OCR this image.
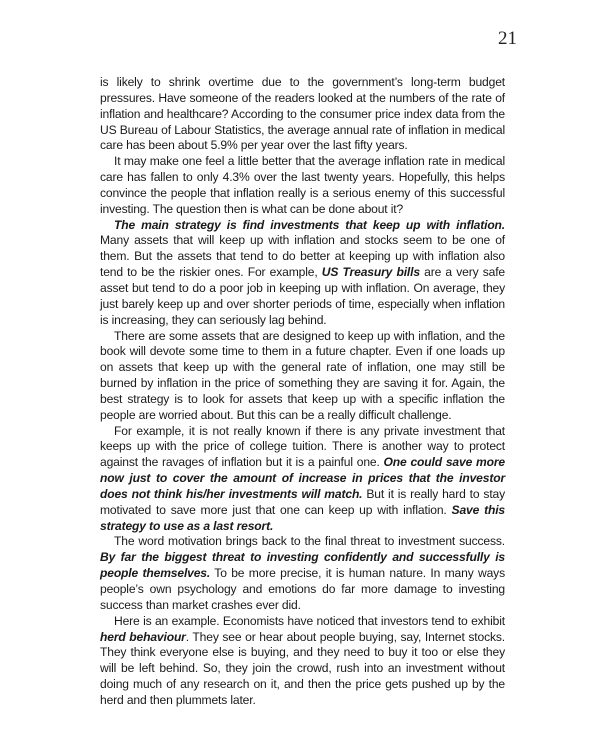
21

is likely to shrink overtime due to the government’s long-term budget pressures. Have someone of the readers looked at the numbers of the rate of inflation and healthcare? According to the consumer price index data from the US Bureau of Labour Statistics, the average annual rate of inflation in medical care has been about 5.9% per year over the last fifty years.

It may make one feel a little better that the average inflation rate in medical care has fallen to only 4.3% over the last twenty years. Hopefully, this helps convince the people that inflation really is a serious enemy of this successful investing. The question then is what can be done about it?

The main strategy is find investments that keep up with inflation. Many assets that will keep up with inflation and stocks seem to be one of them. But the assets that tend to do better at keeping up with inflation also tend to be the riskier ones. For example, US Treasury bills are a very safe asset but tend to do a poor job in keeping up with inflation. On average, they just barely keep up and over shorter periods of time, especially when inflation is increasing, they can seriously lag behind.

There are some assets that are designed to keep up with inflation, and the book will devote some time to them in a future chapter. Even if one loads up on assets that keep up with the general rate of inflation, one may still be burned by inflation in the price of something they are saving it for. Again, the best strategy is to look for assets that keep up with a specific inflation the people are worried about. But this can be a really difficult challenge.

For example, it is not really known if there is any private investment that keeps up with the price of college tuition. There is another way to protect against the ravages of inflation but it is a painful one. One could save more now just to cover the amount of increase in prices that the investor does not think his/her investments will match. But it is really hard to stay motivated to save more just that one can keep up with inflation. Save this strategy to use as a last resort.

The word motivation brings back to the final threat to investment success. By far the biggest threat to investing confidently and successfully is people themselves. To be more precise, it is human nature. In many ways people’s own psychology and emotions do far more damage to investing success than market crashes ever did.

Here is an example. Economists have noticed that investors tend to exhibit herd behaviour. They see or hear about people buying, say, Internet stocks. They think everyone else is buying, and they need to buy it too or else they will be left behind. So, they join the crowd, rush into an investment without doing much of any research on it, and then the price gets pushed up by the herd and then plummets later.
